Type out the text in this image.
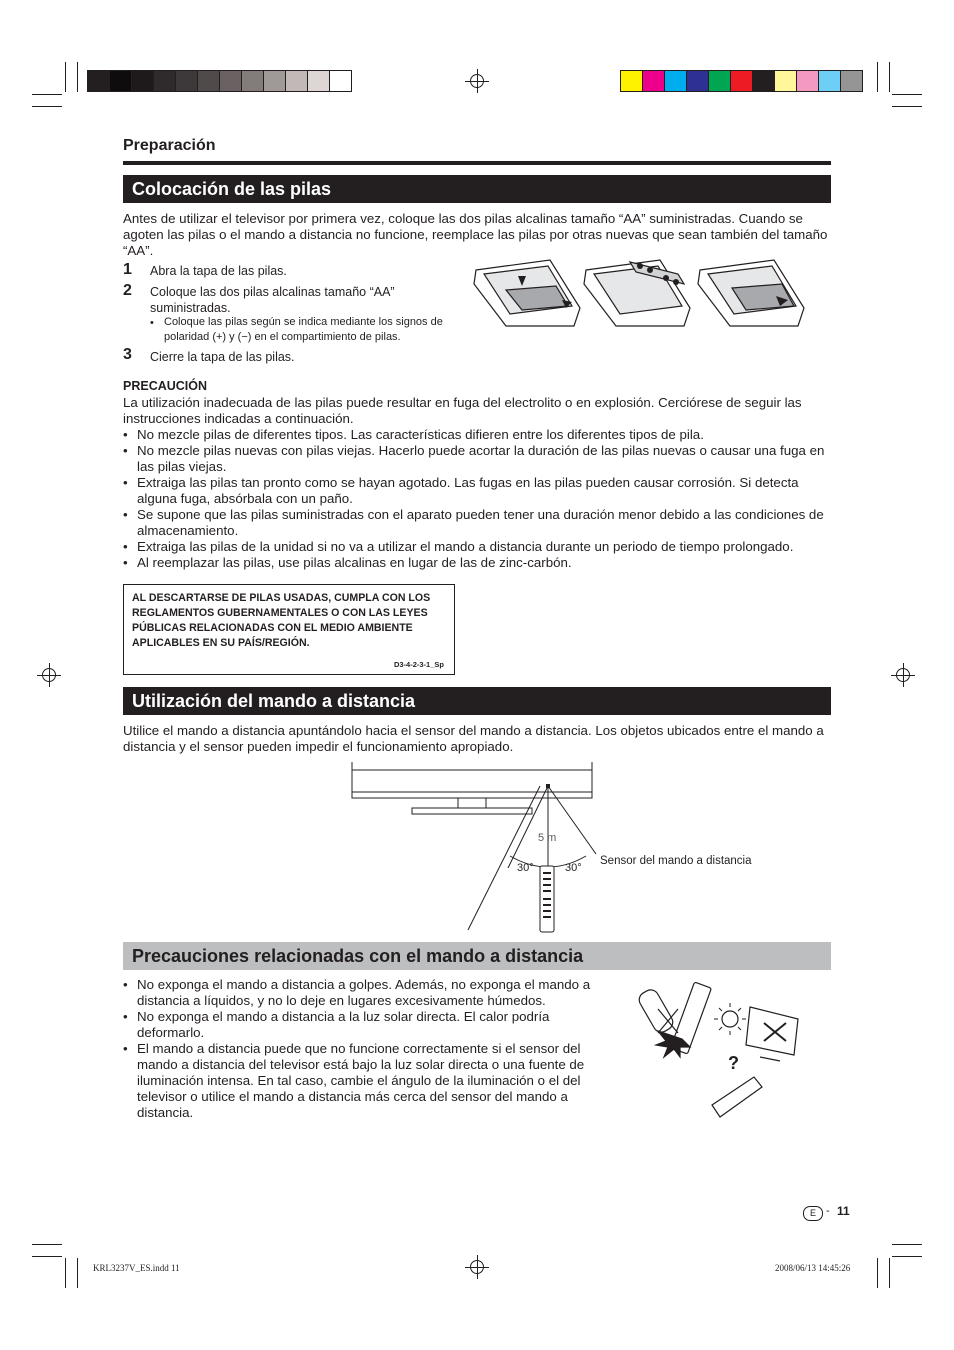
Preparación
Colocación de las pilas
Antes de utilizar el televisor por primera vez, coloque las dos pilas alcalinas tamaño “AA” suministradas. Cuando se agoten las pilas o el mando a distancia no funcione, reemplace las pilas por otras nuevas que sean también del tamaño “AA”.
1 Abra la tapa de las pilas.
2 Coloque las dos pilas alcalinas tamaño “AA” suministradas.
• Coloque las pilas según se indica mediante los signos de polaridad (+) y (−) en el compartimiento de pilas.
3 Cierre la tapa de las pilas.
PRECAUCIÓN
La utilización inadecuada de las pilas puede resultar en fuga del electrolito o en explosión. Cerciórese de seguir las instrucciones indicadas a continuación.
• No mezcle pilas de diferentes tipos. Las características difieren entre los diferentes tipos de pila.
• No mezcle pilas nuevas con pilas viejas. Hacerlo puede acortar la duración de las pilas nuevas o causar una fuga en las pilas viejas.
• Extraiga las pilas tan pronto como se hayan agotado. Las fugas en las pilas pueden causar corrosión. Si detecta alguna fuga, absórbala con un paño.
• Se supone que las pilas suministradas con el aparato pueden tener una duración menor debido a las condiciones de almacenamiento.
• Extraiga las pilas de la unidad si no va a utilizar el mando a distancia durante un periodo de tiempo prolongado.
• Al reemplazar las pilas, use pilas alcalinas en lugar de las de zinc-carbón.
AL DESCARTARSE DE PILAS USADAS, CUMPLA CON LOS REGLAMENTOS GUBERNAMENTALES O CON LAS LEYES PÚBLICAS RELACIONADAS CON EL MEDIO AMBIENTE APLICABLES EN SU PAÍS/REGIÓN.
D3-4-2-3-1_Sp
Utilización del mando a distancia
Utilice el mando a distancia apuntándolo hacia el sensor del mando a distancia. Los objetos ubicados entre el mando a distancia y el sensor pueden impedir el funcionamiento apropiado.
5 m
30°	30°
Sensor del mando a distancia
Precauciones relacionadas con el mando a distancia
• No exponga el mando a distancia a golpes. Además, no exponga el mando a distancia a líquidos, y no lo deje en lugares excesivamente húmedos.
• No exponga el mando a distancia a la luz solar directa. El calor podría deformarlo.
• El mando a distancia puede que no funcione correctamente si el sensor del mando a distancia del televisor está bajo la luz solar directa o una fuente de iluminación intensa. En tal caso, cambie el ángulo de la iluminación o el del televisor o utilice el mando a distancia más cerca del sensor del mando a distancia.
?
E - 11
KRL3237V_ES.indd 11	2008/06/13 14:45:26
